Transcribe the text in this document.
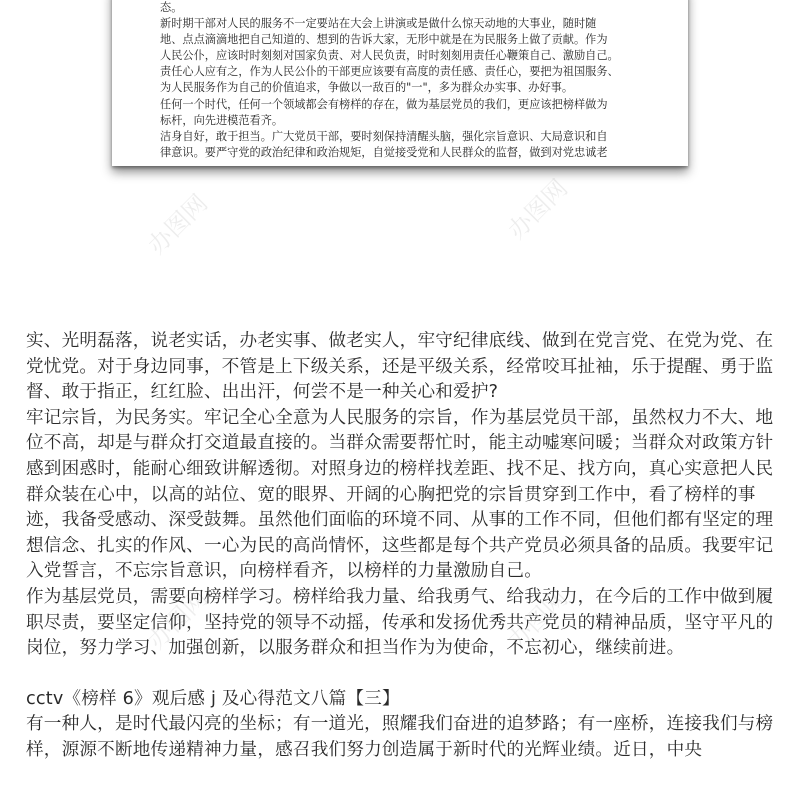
态。

新时期干部对人民的服务不一定要站在大会上讲演或是做什么惊天动地的大事业，随时随

地、点点滴滴地把自己知道的、想到的告诉大家，无形中就是在为民服务上做了贡献。作为

人民公仆，应该时时刻刻对国家负责、对人民负责，时时刻刻用责任心鞭策自己、激励自己。

责任心人应有之，作为人民公仆的干部更应该要有高度的责任感、责任心，要把为祖国服务、

为人民服务作为自己的价值追求，争做以一敌百的"一"，多为群众办实事、办好事。

任何一个时代，任何一个领域都会有榜样的存在，做为基层党员的我们，更应该把榜样做为

标杆，向先进模范看齐。

洁身自好，敢于担当。广大党员干部，要时刻保持清醒头脑，强化宗旨意识、大局意识和自

律意识。要严守党的政治纪律和政治规矩，自觉接受党和人民群众的监督，做到对党忠诚老

办图网	办图网
办图网	办图网

实、光明磊落，说老实话，办老实事、做老实人，牢守纪律底线、做到在党言党、在党为党、在党忧党。对于身边同事，不管是上下级关系，还是平级关系，经常咬耳扯袖，乐于提醒、勇于监督、敢于指正，红红脸、出出汗，何尝不是一种关心和爱护?

牢记宗旨，为民务实。牢记全心全意为人民服务的宗旨，作为基层党员干部，虽然权力不大、地位不高，却是与群众打交道最直接的。当群众需要帮忙时，能主动嘘寒问暖；当群众对政策方针感到困惑时，能耐心细致讲解透彻。对照身边的榜样找差距、找不足、找方向，真心实意把人民群众装在心中，以高的站位、宽的眼界、开阔的心胸把党的宗旨贯穿到工作中，看了榜样的事迹，我备受感动、深受鼓舞。虽然他们面临的环境不同、从事的工作不同，但他们都有坚定的理想信念、扎实的作风、一心为民的高尚情怀，这些都是每个共产党员必须具备的品质。我要牢记入党誓言，不忘宗旨意识，向榜样看齐，以榜样的力量激励自己。

作为基层党员，需要向榜样学习。榜样给我力量、给我勇气、给我动力，在今后的工作中做到履职尽责，要坚定信仰，坚持党的领导不动摇，传承和发扬优秀共产党员的精神品质，坚守平凡的岗位，努力学习、加强创新，以服务群众和担当作为为使命，不忘初心，继续前进。

cctv《榜样 6》观后感 j 及心得范文八篇【三】

有一种人，是时代最闪亮的坐标；有一道光，照耀我们奋进的追梦路；有一座桥，连接我们与榜样，源源不断地传递精神力量，感召我们努力创造属于新时代的光辉业绩。近日，中央
